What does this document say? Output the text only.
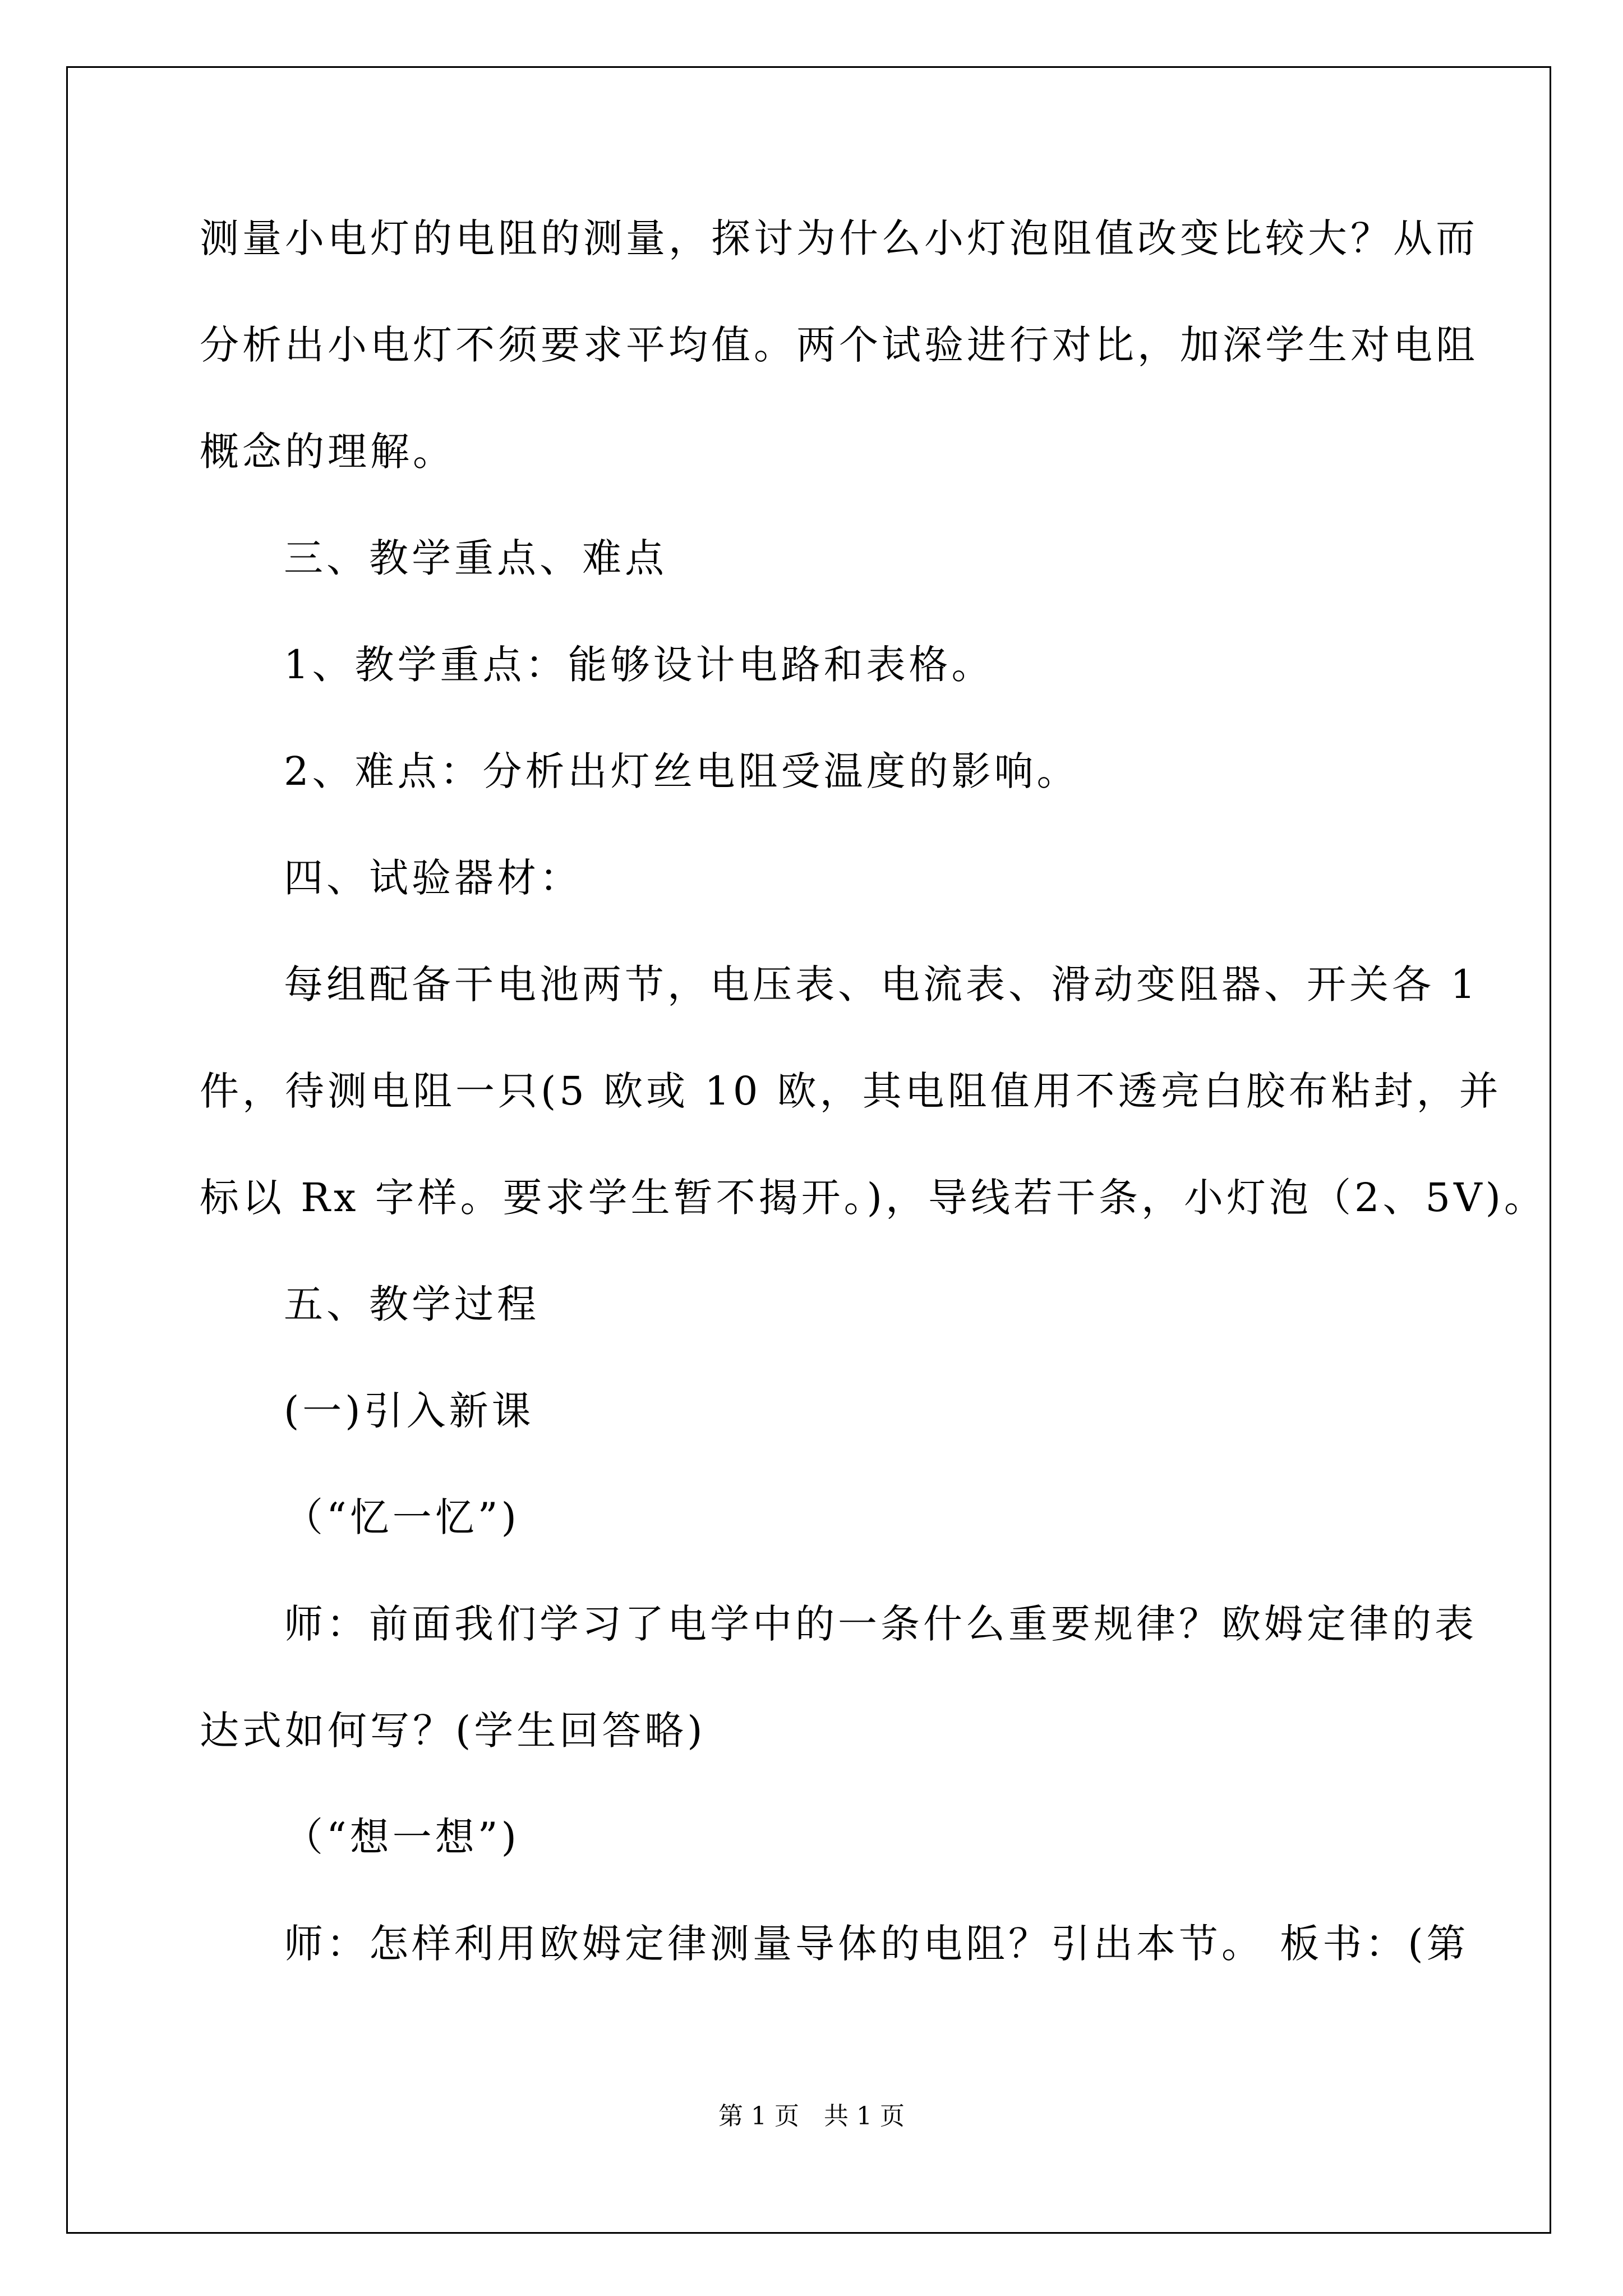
测量小电灯的电阻的测量，探讨为什么小灯泡阻值改变比较大？从而
分析出小电灯不须要求平均值。两个试验进行对比，加深学生对电阻
概念的理解。
三、教学重点、难点
1、教学重点：能够设计电路和表格。
2、难点：分析出灯丝电阻受温度的影响。
四、试验器材：
每组配备干电池两节，电压表、电流表、滑动变阻器、开关各 1
件，待测电阻一只(5 欧或 10 欧，其电阻值用不透亮白胶布粘封，并
标以 Rx 字样。要求学生暂不揭开。)，导线若干条，小灯泡（2、5V)。
五、教学过程
(一)引入新课
（“忆一忆”)
师：前面我们学习了电学中的一条什么重要规律？欧姆定律的表
达式如何写？(学生回答略)
（“想一想”)
师：怎样利用欧姆定律测量导体的电阻？引出本节。 板书：(第
第 1 页　共 1 页
